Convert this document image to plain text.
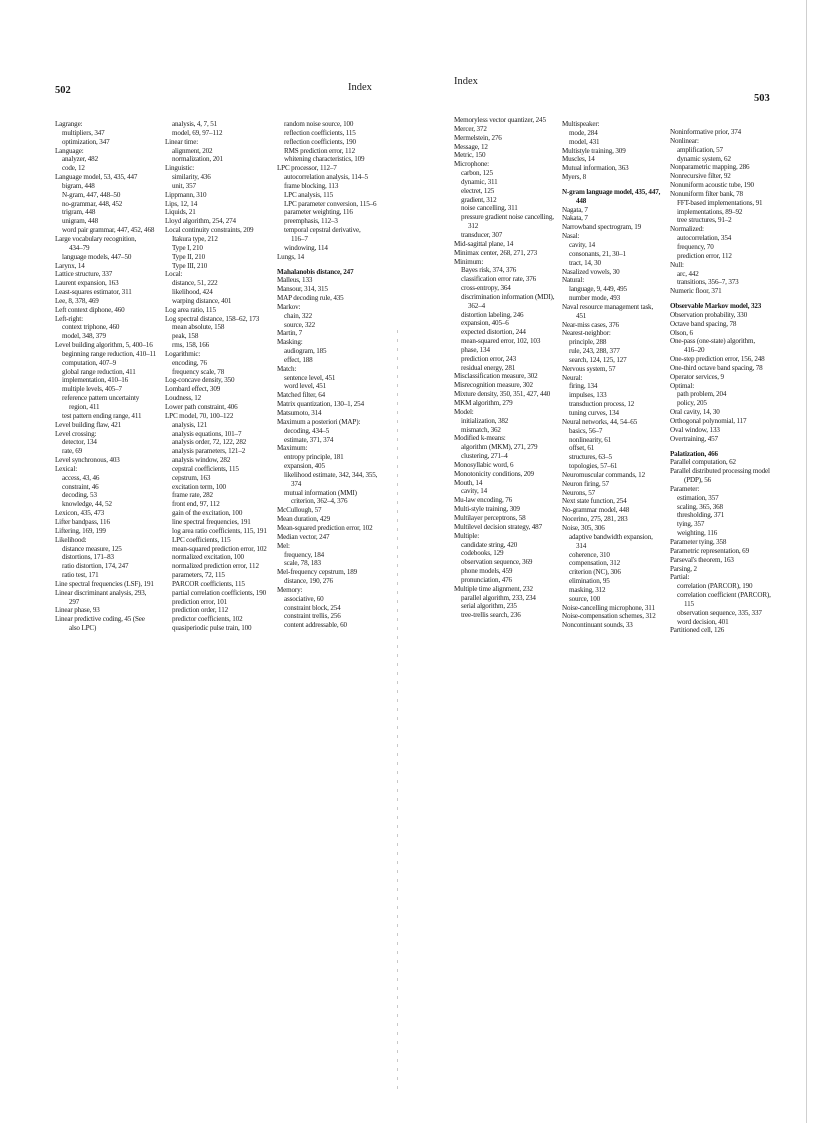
502	Index
Lagrange:
multipliers, 347
optimization, 347
Language:
analyzer, 482
code, 12
Language model, 53, 435, 447
bigram, 448
N-gram, 447, 448–50
no-grammar, 448, 452
trigram, 448
unigram, 448
word pair grammar, 447, 452, 468
Large vocabulary recognition,
434–79
language models, 447–50
Larynx, 14
Lattice structure, 337
Laurent expansion, 163
Least-squares estimator, 311
Lee, 8, 378, 469
Left context diphone, 460
Left-right:
context triphone, 460
model, 348, 379
Level building algorithm, 5, 400–16
beginning range reduction, 410–11
computation, 407–9
global range reduction, 411
implementation, 410–16
multiple levels, 405–7
reference pattern uncertainty
region, 411
test pattern ending range, 411
Level building flaw, 421
Level crossing:
detector, 134
rate, 69
Level synchronous, 403
Lexical:
access, 43, 46
constraint, 46
decoding, 53
knowledge, 44, 52
Lexicon, 435, 473
Lifter bandpass, 116
Liftering, 169, 199
Likelihood:
distance measure, 125
distortions, 171–83
ratio distortion, 174, 247
ratio test, 171
Line spectral frequencies (LSF), 191
Linear discriminant analysis, 293,
297
Linear phase, 93
Linear predictive coding, 45 (See
also LPC)
analysis, 4, 7, 51
model, 69, 97–112
Linear time:
alignment, 202
normalization, 201
Linguistic:
similarity, 436
unit, 357
Lippmann, 310
Lips, 12, 14
Liquids, 21
Lloyd algorithm, 254, 274
Local continuity constraints, 209
Itakura type, 212
Type I, 210
Type II, 210
Type III, 210
Local:
distance, 51, 222
likelihood, 424
warping distance, 401
Log area ratio, 115
Log spectral distance, 158–62, 173
mean absolute, 158
peak, 158
rms, 158, 166
Logarithmic:
encoding, 76
frequency scale, 78
Log-concave density, 350
Lombard effect, 309
Loudness, 12
Lower path constraint, 406
LPC model, 70, 100–122
analysis, 121
analysis equations, 101–7
analysis order, 72, 122, 282
analysis parameters, 121–2
analysis window, 282
cepstral coefficients, 115
cepstrum, 163
excitation term, 100
frame rate, 282
front end, 97, 112
gain of the excitation, 100
line spectral frequencies, 191
log area ratio coefficients, 115, 191
LPC coefficients, 115
mean-squared prediction error, 102
normalized excitation, 100
normalized prediction error, 112
parameters, 72, 115
PARCOR coefficients, 115
partial correlation coefficients, 190
prediction error, 101
prediction order, 112
predictor coefficients, 102
quasiperiodic pulse train, 100
random noise source, 100
reflection coefficients, 115
reflection coefficients, 190
RMS prediction error, 112
whitening characteristics, 109
LPC processor, 112–7
autocorrelation analysis, 114–5
frame blocking, 113
LPC analysis, 115
LPC parameter conversion, 115–6
parameter weighting, 116
preemphasis, 112–3
temporal cepstral derivative,
116–7
windowing, 114
Lungs, 14
Mahalanobis distance, 247
Malleus, 133
Mansour, 314, 315
MAP decoding rule, 435
Markov:
chain, 322
source, 322
Martin, 7
Masking:
audiogram, 185
effect, 188
Match:
sentence level, 451
word level, 451
Matched filter, 64
Matrix quantization, 130–1, 254
Matsumoto, 314
Maximum a posteriori (MAP):
decoding, 434–5
estimate, 371, 374
Maximum:
entropy principle, 181
expansion, 405
likelihood estimate, 342, 344, 355,
374
mutual information (MMI)
criterion, 362–4, 376
McCullough, 57
Mean duration, 429
Mean-squared prediction error, 102
Median vector, 247
Mel:
frequency, 184
scale, 78, 183
Mel-frequency cepstrum, 189
distance, 190, 276
Memory:
associative, 60
constraint block, 254
constraint trellis, 256
content addressable, 60
Index
503
Memoryless vector quantizer, 245
Mercer, 372
Mermelstein, 276
Message, 12
Metric, 150
Microphone:
carbon, 125
dynamic, 311
electret, 125
gradient, 312
noise cancelling, 311
pressure gradient noise cancelling,
312
transducer, 307
Mid-sagittal plane, 14
Minimax center, 268, 271, 273
Minimum:
Bayes risk, 374, 376
classification error rate, 376
cross-entropy, 364
discrimination information (MDI),
362–4
distortion labeling, 246
expansion, 405–6
expected distortion, 244
mean-squared error, 102, 103
phase, 134
prediction error, 243
residual energy, 281
Misclassification measure, 302
Misrecognition measure, 302
Mixture density, 350, 351, 427, 440
MKM algorithm, 279
Model:
initialization, 382
mismatch, 362
Modified k-means:
algorithm (MKM), 271, 279
clustering, 271–4
Monosyllabic word, 6
Monotonicity conditions, 209
Mouth, 14
cavity, 14
Mu-law encoding, 76
Multi-style training, 309
Multilayer perceptrons, 58
Multilevel decision strategy, 487
Multiple:
candidate string, 420
codebooks, 129
observation sequence, 369
phone models, 459
pronunciation, 476
Multiple time alignment, 232
parallel algorithm, 233, 234
serial algorithm, 235
tree-trellis search, 236
Multispeaker:
mode, 284
model, 431
Multistyle training, 309
Muscles, 14
Mutual information, 363
Myers, 8
N-gram language model, 435, 447,
448
Nagata, 7
Nakata, 7
Narrowband spectrogram, 19
Nasal:
cavity, 14
consonants, 21, 30–1
tract, 14, 30
Nasalized vowels, 30
Natural:
language, 9, 449, 495
number mode, 493
Naval resource management task,
451
Near-miss cases, 376
Nearest-neighbor:
principle, 288
rule, 243, 288, 377
search, 124, 125, 127
Nervous system, 57
Neural:
firing, 134
impulses, 133
transduction process, 12
tuning curves, 134
Neural networks, 44, 54–65
basics, 56–7
nonlinearity, 61
offset, 61
structures, 63–5
topologies, 57–61
Neuromuscular commands, 12
Neuron firing, 57
Neurons, 57
Next state function, 254
No-grammar model, 448
Nocerino, 275, 281, 283
Noise, 305, 306
adaptive bandwidth expansion,
314
coherence, 310
compensation, 312
criterion (NC), 306
elimination, 95
masking, 312
source, 100
Noise-cancelling microphone, 311
Noise-compensation schemes, 312
Noncontinuant sounds, 33
Noninformative prior, 374
Nonlinear:
amplification, 57
dynamic system, 62
Nonparametric mapping, 286
Nonrecursive filter, 92
Nonuniform acoustic tube, 190
Nonuniform filter bank, 78
FFT-based implementations, 91
implementations, 89–92
tree structures, 91–2
Normalized:
autocorrelation, 354
frequency, 70
prediction error, 112
Null:
arc, 442
transitions, 356–7, 373
Numeric floor, 371
Observable Markov model, 323
Observation probability, 330
Octave band spacing, 78
Olson, 6
One-pass (one-state) algorithm,
416–20
One-step prediction error, 156, 248
One-third octave band spacing, 78
Operator services, 9
Optimal:
path problem, 204
policy, 205
Oral cavity, 14, 30
Orthogonal polynomial, 117
Oval window, 133
Overtraining, 457
Palatization, 466
Parallel computation, 62
Parallel distributed processing model
(PDP), 56
Parameter:
estimation, 357
scaling, 365, 368
thresholding, 371
tying, 357
weighting, 116
Parameter tying, 358
Parametric representation, 69
Parseval's theorem, 163
Parsing, 2
Partial:
correlation (PARCOR), 190
correlation coefficient (PARCOR),
115
observation sequence, 335, 337
word decision, 401
Partitioned cell, 126
